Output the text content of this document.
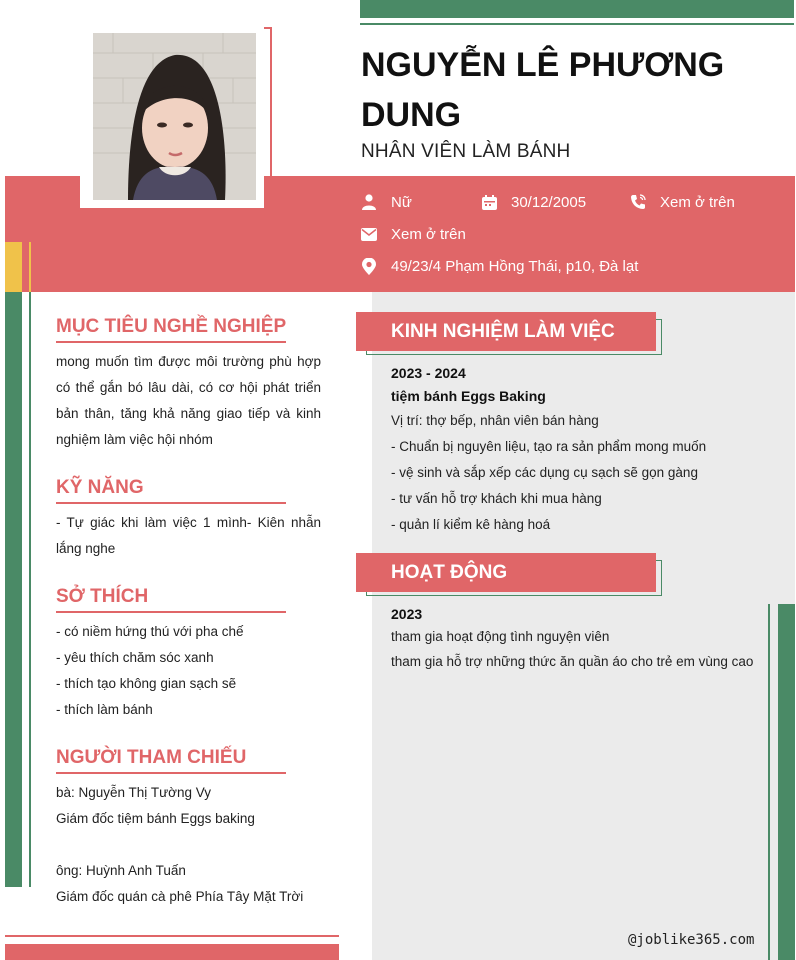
NGUYỄN LÊ PHƯƠNG DUNG
NHÂN VIÊN LÀM BÁNH
Nữ	30/12/2005	Xem ở trên
Xem ở trên
49/23/4 Phạm Hồng Thái, p10, Đà lạt
MỤC TIÊU NGHỀ NGHIỆP
mong muốn tìm được môi trường phù hợp có thể gắn bó lâu dài, có cơ hội phát triển bản thân, tăng khả năng giao tiếp và kinh nghiệm làm việc hội nhóm
KỸ NĂNG
- Tự giác khi làm việc 1 mình- Kiên nhẫn lắng nghe
SỞ THÍCH
- có niềm hứng thú với pha chế
- yêu thích chăm sóc xanh
- thích tạo không gian sạch sẽ
- thích làm bánh
NGƯỜI THAM CHIẾU
bà: Nguyễn Thị Tường Vy
Giám đốc tiệm bánh Eggs baking
ông: Huỳnh Anh Tuấn
Giám đốc quán cà phê Phía Tây Mặt Trời
KINH NGHIỆM LÀM VIỆC
2023 - 2024
tiệm bánh Eggs Baking
Vị trí: thợ bếp, nhân viên bán hàng
- Chuẩn bị nguyên liệu, tạo ra sản phẩm mong muốn
- vệ sinh và sắp xếp các dụng cụ sạch sẽ gọn gàng
- tư vấn hỗ trợ khách khi mua hàng
- quản lí kiểm kê hàng hoá
HOẠT ĐỘNG
2023
tham gia hoạt động tình nguyện viên
tham gia hỗ trợ những thức ăn quần áo cho trẻ em vùng cao
@joblike365.com
